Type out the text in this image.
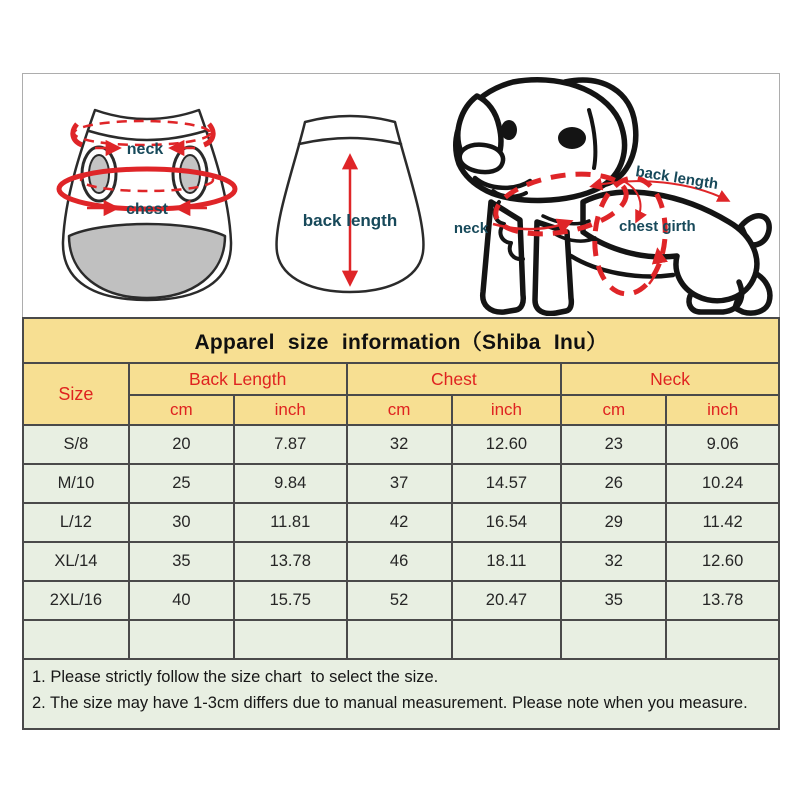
neck
chest
back length	neck
back length
chest girth
Apparel size information（Shiba Inu）
Size	Back Length		Chest		Neck	
	cm	inch	cm	inch	cm	inch
S/8	20	7.87	32	12.60	23	9.06
M/10	25	9.84	37	14.57	26	10.24
L/12	30	11.81	42	16.54	29	11.42
XL/14	35	13.78	46	18.11	32	12.60
2XL/16	40	15.75	52	20.47	35	13.78

1. Please strictly follow the size chart  to select the size.
2. The size may have 1-3cm differs due to manual measurement. Please note when you measure.
